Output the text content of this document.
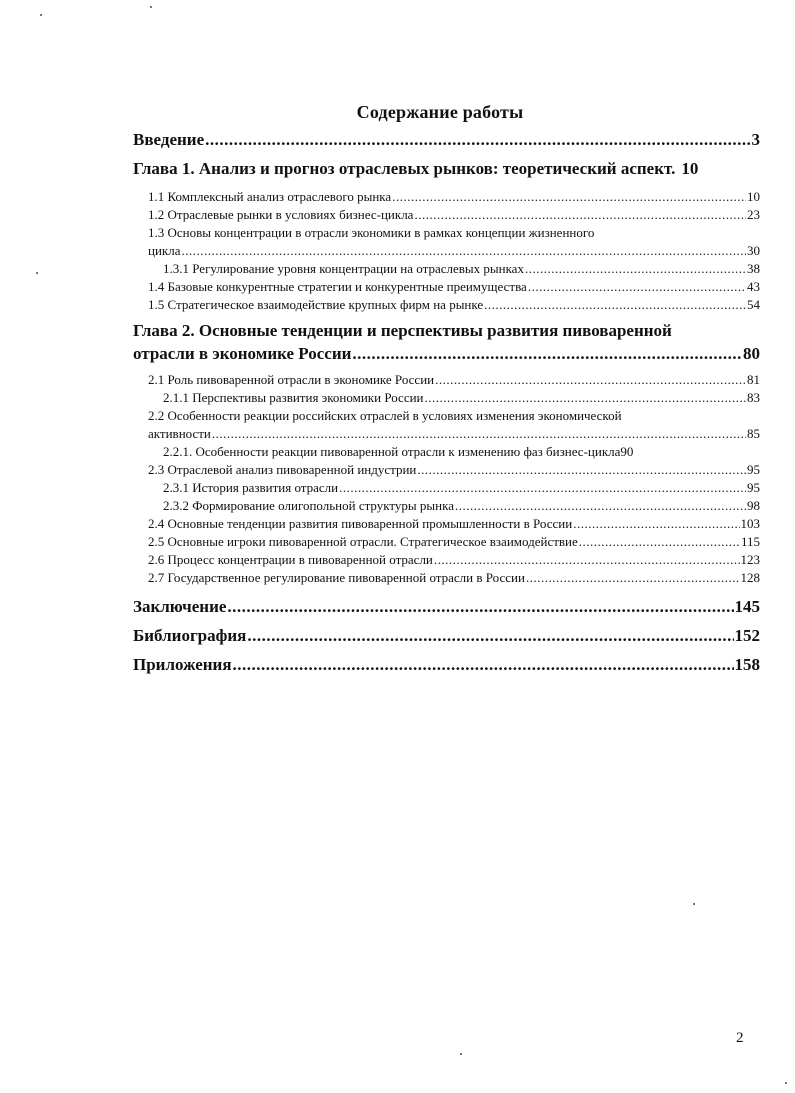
Содержание работы
Введение .....	3
Глава 1. Анализ и прогноз отраслевых рынков: теоретический аспект. 10
1.1 Комплексный анализ отраслевого рынка .....	10
1.2 Отраслевые рынки в условиях бизнес-цикла .....	23
1.3 Основы концентрации в отрасли экономики в рамках концепции жизненного
цикла .....	30
1.3.1 Регулирование уровня концентрации на отраслевых рынках .....	38
1.4 Базовые конкурентные стратегии и конкурентные преимущества .....	43
1.5 Стратегическое взаимодействие крупных фирм на рынке .....	54
Глава 2. Основные тенденции и перспективы развития пивоваренной
отрасли в экономике России .....	80
2.1 Роль пивоваренной отрасли в экономике России .....	81
2.1.1 Перспективы развития экономики России .....	83
2.2 Особенности реакции российских отраслей в условиях изменения экономической
активности .....	85
2.2.1. Особенности реакции пивоваренной отрасли к изменению фаз бизнес-цикла 90
2.3 Отраслевой анализ пивоваренной индустрии .....	95
2.3.1 История развития отрасли .....	95
2.3.2 Формирование олигопольной структуры рынка .....	98
2.4 Основные тенденции развития пивоваренной промышленности в России .....	103
2.5 Основные игроки пивоваренной отрасли. Стратегическое взаимодействие .....	115
2.6 Процесс концентрации в пивоваренной отрасли .....	123
2.7 Государственное регулирование пивоваренной отрасли в России .....	128
Заключение .....	145
Библиография .....	152
Приложения .....	158
2
